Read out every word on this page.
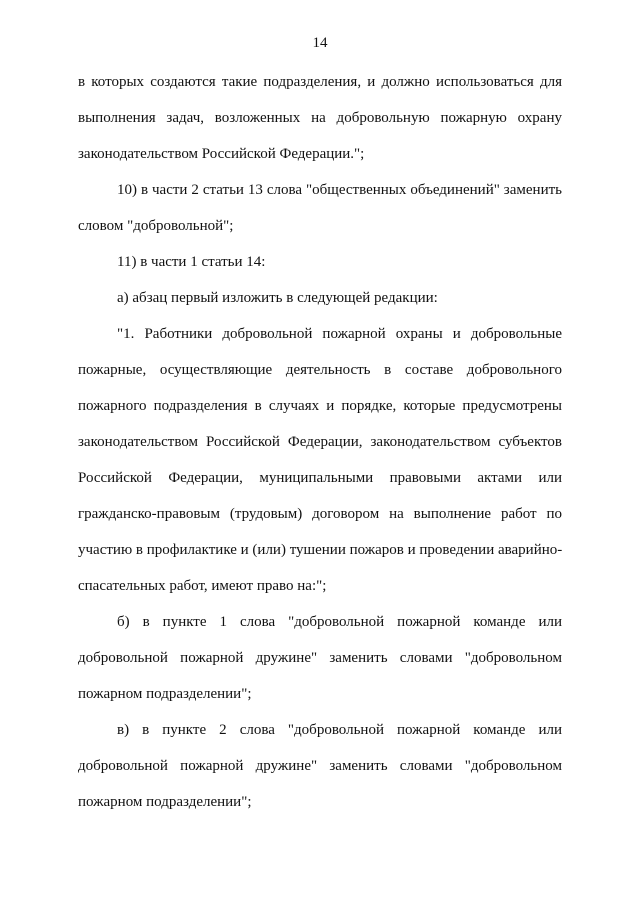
14
в которых создаются такие подразделения, и должно использоваться для
выполнения задач, возложенных на добровольную пожарную охрану
законодательством Российской Федерации.";
10) в части 2 статьи 13 слова "общественных объединений" заменить
словом "добровольной";
11) в части 1 статьи 14:
а) абзац первый изложить в следующей редакции:
"1. Работники добровольной пожарной охраны и добровольные
пожарные, осуществляющие деятельность в составе добровольного
пожарного подразделения в случаях и порядке, которые предусмотрены
законодательством Российской Федерации, законодательством субъектов
Российской Федерации, муниципальными правовыми актами или
гражданско-правовым (трудовым) договором на выполнение работ по
участию в профилактике и (или) тушении пожаров и проведении аварийно-
спасательных работ, имеют право на:";
б) в пункте 1 слова "добровольной пожарной команде или
добровольной пожарной дружине" заменить словами "добровольном
пожарном подразделении";
в) в пункте 2 слова "добровольной пожарной команде или
добровольной пожарной дружине" заменить словами "добровольном
пожарном подразделении";
